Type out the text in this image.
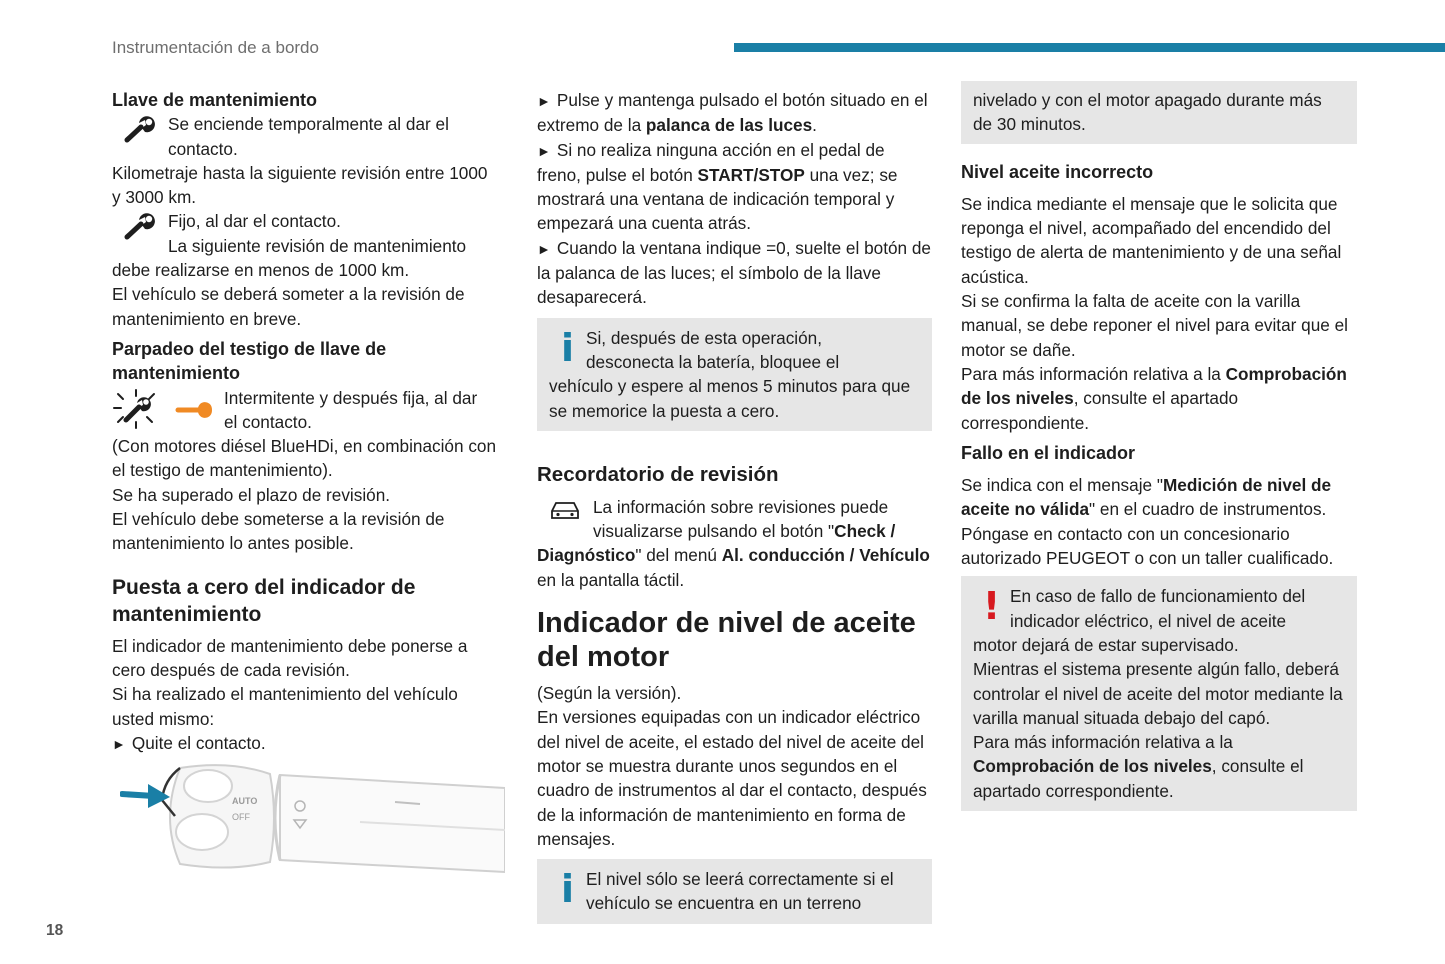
Instrumentación de a bordo

Llave de mantenimiento

Se enciende temporalmente al dar el

contacto.

Kilometraje hasta la siguiente revisión entre 1000 y 3000 km.

Fijo, al dar el contacto.

La siguiente revisión de mantenimiento

debe realizarse en menos de 1000 km.

El vehículo se deberá someter a la revisión de mantenimiento en breve.

Parpadeo del testigo de llave de mantenimiento

Intermitente y después fija, al dar

el contacto.

(Con motores diésel BlueHDi, en combinación con el testigo de mantenimiento).

Se ha superado el plazo de revisión.

El vehículo debe someterse a la revisión de mantenimiento lo antes posible.

Puesta a cero del indicador de mantenimiento

El indicador de mantenimiento debe ponerse a cero después de cada revisión.

Si ha realizado el mantenimiento del vehículo usted mismo:

► Quite el contacto.

AUTO
OFF

► Pulse y mantenga pulsado el botón situado en el extremo de la palanca de las luces.

► Si no realiza ninguna acción en el pedal de freno, pulse el botón START/STOP una vez; se mostrará una ventana de indicación temporal y empezará una cuenta atrás.

► Cuando la ventana indique =0, suelte el botón de la palanca de las luces; el símbolo de la llave desaparecerá.

i Si, después de esta operación,

desconecta la batería, bloquee el

vehículo y espere al menos 5 minutos para que se memorice la puesta a cero.

Recordatorio de revisión

La información sobre revisiones puede

visualizarse pulsando el botón "Check /

Diagnóstico" del menú Al. conducción / Vehículo en la pantalla táctil.

Indicador de nivel de aceite del motor

(Según la versión).

En versiones equipadas con un indicador eléctrico del nivel de aceite, el estado del nivel de aceite del motor se muestra durante unos segundos en el cuadro de instrumentos al dar el contacto, después de la información de mantenimiento en forma de mensajes.

i El nivel sólo se leerá correctamente si el

vehículo se encuentra en un terreno

nivelado y con el motor apagado durante más de 30 minutos.

Nivel aceite incorrecto

Se indica mediante el mensaje que le solicita que reponga el nivel, acompañado del encendido del testigo de alerta de mantenimiento y de una señal acústica.

Si se confirma la falta de aceite con la varilla manual, se debe reponer el nivel para evitar que el motor se dañe.

Para más información relativa a la Comprobación de los niveles, consulte el apartado correspondiente.

Fallo en el indicador

Se indica con el mensaje "Medición de nivel de aceite no válida" en el cuadro de instrumentos. Póngase en contacto con un concesionario autorizado PEUGEOT o con un taller cualificado.

! En caso de fallo de funcionamiento del

indicador eléctrico, el nivel de aceite

motor dejará de estar supervisado.

Mientras el sistema presente algún fallo, deberá controlar el nivel de aceite del motor mediante la varilla manual situada debajo del capó.

Para más información relativa a la Comprobación de los niveles, consulte el apartado correspondiente.

18
